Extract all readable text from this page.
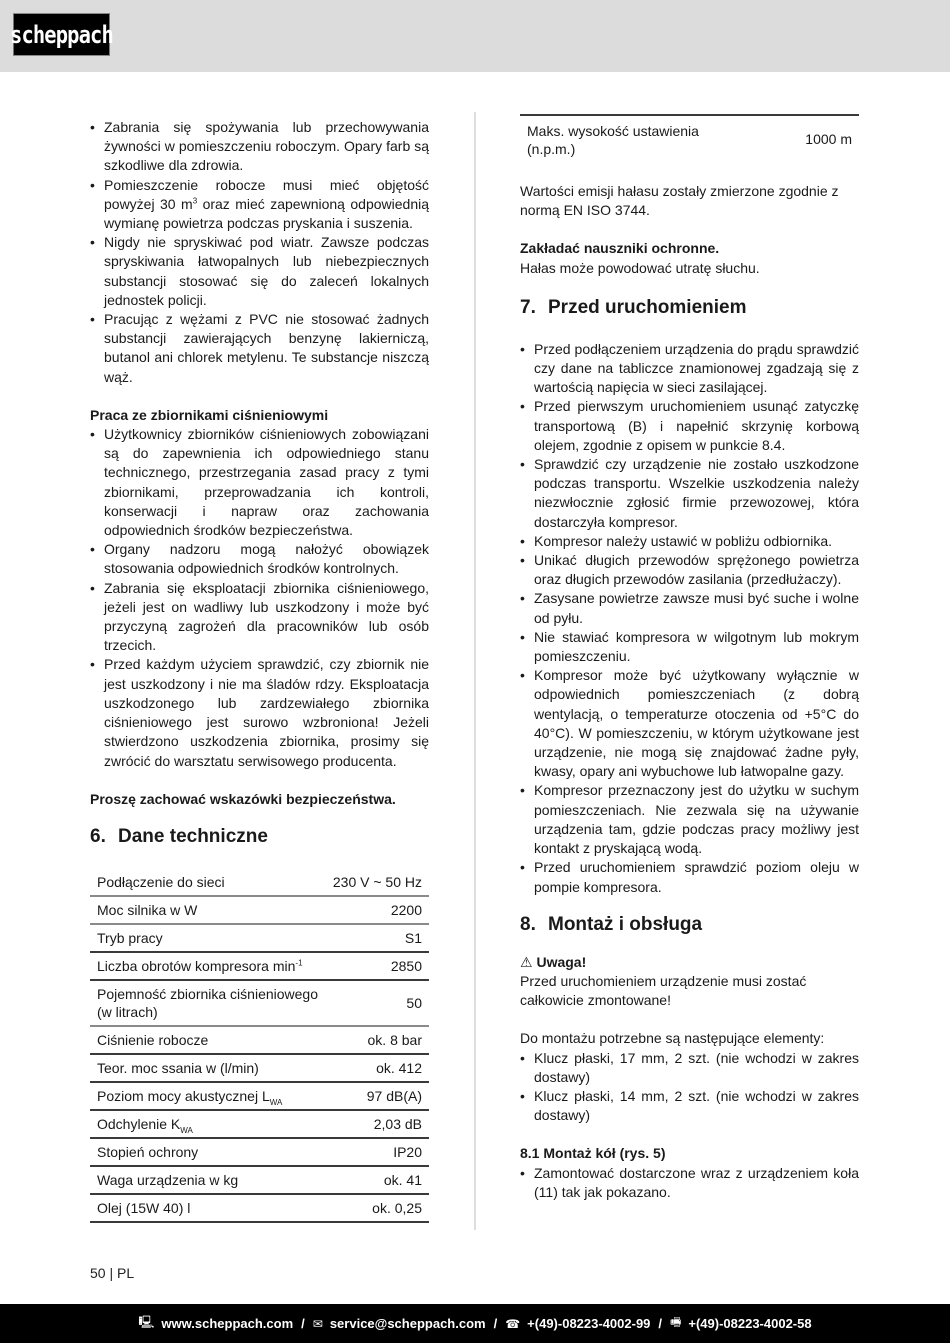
scheppach
• Zabrania się spożywania lub przechowywania żywności w pomieszczeniu roboczym. Opary farb są szkodliwe dla zdrowia.
• Pomieszczenie robocze musi mieć objętość powyżej 30 $m^3$ oraz mieć zapewnioną odpowiednią wymianę powietrza podczas pryskania i suszenia.
• Nigdy nie spryskiwać pod wiatr. Zawsze podczas spryskiwania łatwopalnych lub niebezpiecznych substancji stosować się do zaleceń lokalnych jednostek policji.
• Pracując z wężami z PVC nie stosować żadnych substancji zawierających benzynę lakierniczą, butanol ani chlorek metylenu. Te substancje niszczą wąż.
Praca ze zbiornikami ciśnieniowymi
• Użytkownicy zbiorników ciśnieniowych zobowiązani są do zapewnienia ich odpowiedniego stanu technicznego, przestrzegania zasad pracy z tymi zbiornikami, przeprowadzania ich kontroli, konserwacji i napraw oraz zachowania odpowiednich środków bezpieczeństwa.
• Organy nadzoru mogą nałożyć obowiązek stosowania odpowiednich środków kontrolnych.
• Zabrania się eksploatacji zbiornika ciśnieniowego, jeżeli jest on wadliwy lub uszkodzony i może być przyczyną zagrożeń dla pracowników lub osób trzecich.
• Przed każdym użyciem sprawdzić, czy zbiornik nie jest uszkodzony i nie ma śladów rdzy. Eksploatacja uszkodzonego lub zardzewiałego zbiornika ciśnieniowego jest surowo wzbroniona! Jeżeli stwierdzono uszkodzenia zbiornika, prosimy się zwrócić do warsztatu serwisowego producenta.
Proszę zachować wskazówki bezpieczeństwa.
6. Dane techniczne
Podłączenie do sieci	230 V ~ 50 Hz
Moc silnika w W	2200
Tryb pracy	S1
Liczba obrotów kompresora $\min^{-1}$	2850
Pojemność zbiornika ciśnieniowego (w litrach)	50
Ciśnienie robocze	ok. 8 bar
Teor. moc ssania w (l/min)	ok. 412
Poziom mocy akustycznej $L_{WA}$	97 dB(A)
Odchylenie $K_{WA}$	2,03 dB
Stopień ochrony	IP20
Waga urządzenia w kg	ok. 41
Olej (15W 40) l	ok. 0,25
Maks. wysokość ustawienia (n.p.m.)	1000 m
Wartości emisji hałasu zostały zmierzone zgodnie z normą EN ISO 3744.
Zakładać nauszniki ochronne.
Hałas może powodować utratę słuchu.
7. Przed uruchomieniem
• Przed podłączeniem urządzenia do prądu sprawdzić czy dane na tabliczce znamionowej zgadzają się z wartością napięcia w sieci zasilającej.
• Przed pierwszym uruchomieniem usunąć zatyczkę transportową (B) i napełnić skrzynię korbową olejem, zgodnie z opisem w punkcie 8.4.
• Sprawdzić czy urządzenie nie zostało uszkodzone podczas transportu. Wszelkie uszkodzenia należy niezwłocznie zgłosić firmie przewozowej, która dostarczyła kompresor.
• Kompresor należy ustawić w pobliżu odbiornika.
• Unikać długich przewodów sprężonego powietrza oraz długich przewodów zasilania (przedłużaczy).
• Zasysane powietrze zawsze musi być suche i wolne od pyłu.
• Nie stawiać kompresora w wilgotnym lub mokrym pomieszczeniu.
• Kompresor może być użytkowany wyłącznie w odpowiednich pomieszczeniach (z dobrą wentylacją, o temperaturze otoczenia od +5°C do 40°C). W pomieszczeniu, w którym użytkowane jest urządzenie, nie mogą się znajdować żadne pyły, kwasy, opary ani wybuchowe lub łatwopalne gazy.
• Kompresor przeznaczony jest do użytku w suchym pomieszczeniach. Nie zezwala się na używanie urządzenia tam, gdzie podczas pracy możliwy jest kontakt z pryskającą wodą.
• Przed uruchomieniem sprawdzić poziom oleju w pompie kompresora.
8. Montaż i obsługa
⚠ Uwaga!
Przed uruchomieniem urządzenie musi zostać całkowicie zmontowane!
Do montażu potrzebne są następujące elementy:
• Klucz płaski, 17 mm, 2 szt. (nie wchodzi w zakres dostawy)
• Klucz płaski, 14 mm, 2 szt. (nie wchodzi w zakres dostawy)
8.1 Montaż kół (rys. 5)
• Zamontować dostarczone wraz z urządzeniem koła (11) tak jak pokazano.
50 | PL
🖳 www.scheppach.com / ✉ service@scheppach.com / ☎ +(49)-08223-4002-99 / 🖷 +(49)-08223-4002-58
